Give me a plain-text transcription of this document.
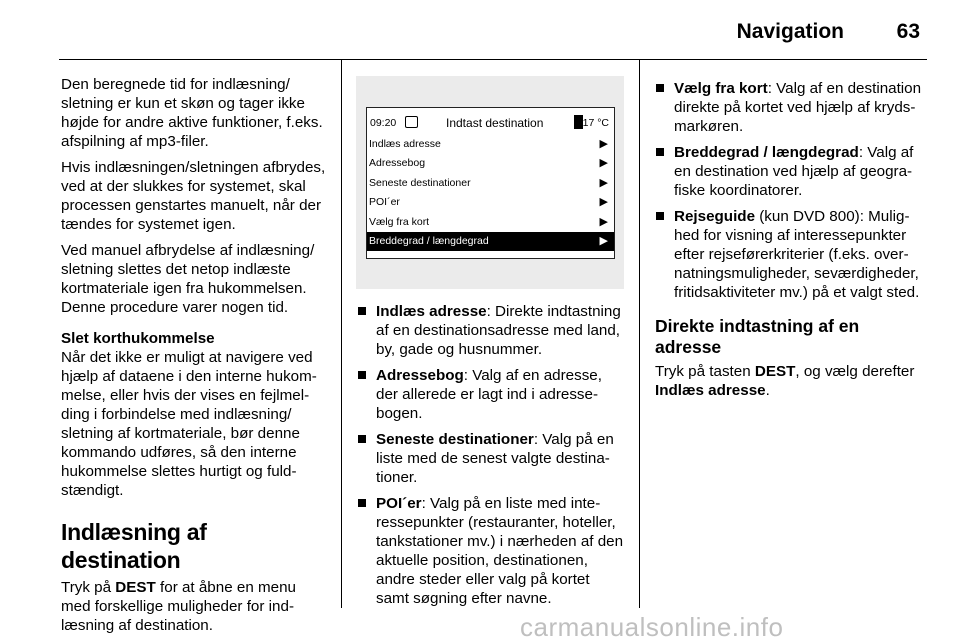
Navigation	63

Den beregnede tid for indlæsning/ sletning er kun et skøn og tager ikke højde for andre aktive funktioner, f.eks. afspilning af mp3-filer.

Hvis indlæsningen/sletningen afbrydes, ved at der slukkes for systemet, skal processen genstartes manuelt, når der tændes for systemet igen.

Ved manuel afbrydelse af indlæsning/ sletning slettes det netop indlæste kortmateriale igen fra hukommelsen. Denne procedure varer nogen tid.

Slet korthukommelse

Når det ikke er muligt at navigere ved hjælp af dataene i den interne hukommelse, eller hvis der vises en fejlmelding i forbindelse med indlæsning/ sletning af kortmateriale, bør denne kommando udføres, så den interne hukommelse slettes hurtigt og fuldstændigt.

Indlæsning af destination

Tryk på DEST for at åbne en menu med forskellige muligheder for indlæsning af destination.

09:20	Indtast destination	17 °C
Indlæs adresse	▶
Adressebog	▶
Seneste destinationer	▶
POI´er	▶
Vælg fra kort	▶
Breddegrad / længdegrad	▶
Indlæs adresse: Direkte indtastning af en destinationsadresse med land, by, gade og husnummer.
Adressebog: Valg af en adresse, der allerede er lagt ind i adressebogen.
Seneste destinationer: Valg på en liste med de senest valgte destinationer.
POI´er: Valg på en liste med interessepunkter (restauranter, hoteller, tankstationer mv.) i nærheden af den aktuelle position, destinationen, andre steder eller valg på kortet samt søgning efter navne.
Vælg fra kort: Valg af en destination direkte på kortet ved hjælp af krydsmarkøren.
Breddegrad / længdegrad: Valg af en destination ved hjælp af geografiske koordinatorer.
Rejseguide (kun DVD 800): Mulighed for visning af interessepunkter efter rejseførerkriterier (f.eks. overnatningsmuligheder, seværdigheder, fritidsaktiviteter mv.) på et valgt sted.
Direkte indtastning af en adresse

Tryk på tasten DEST, og vælg derefter Indlæs adresse.

carmanualsonline.info
